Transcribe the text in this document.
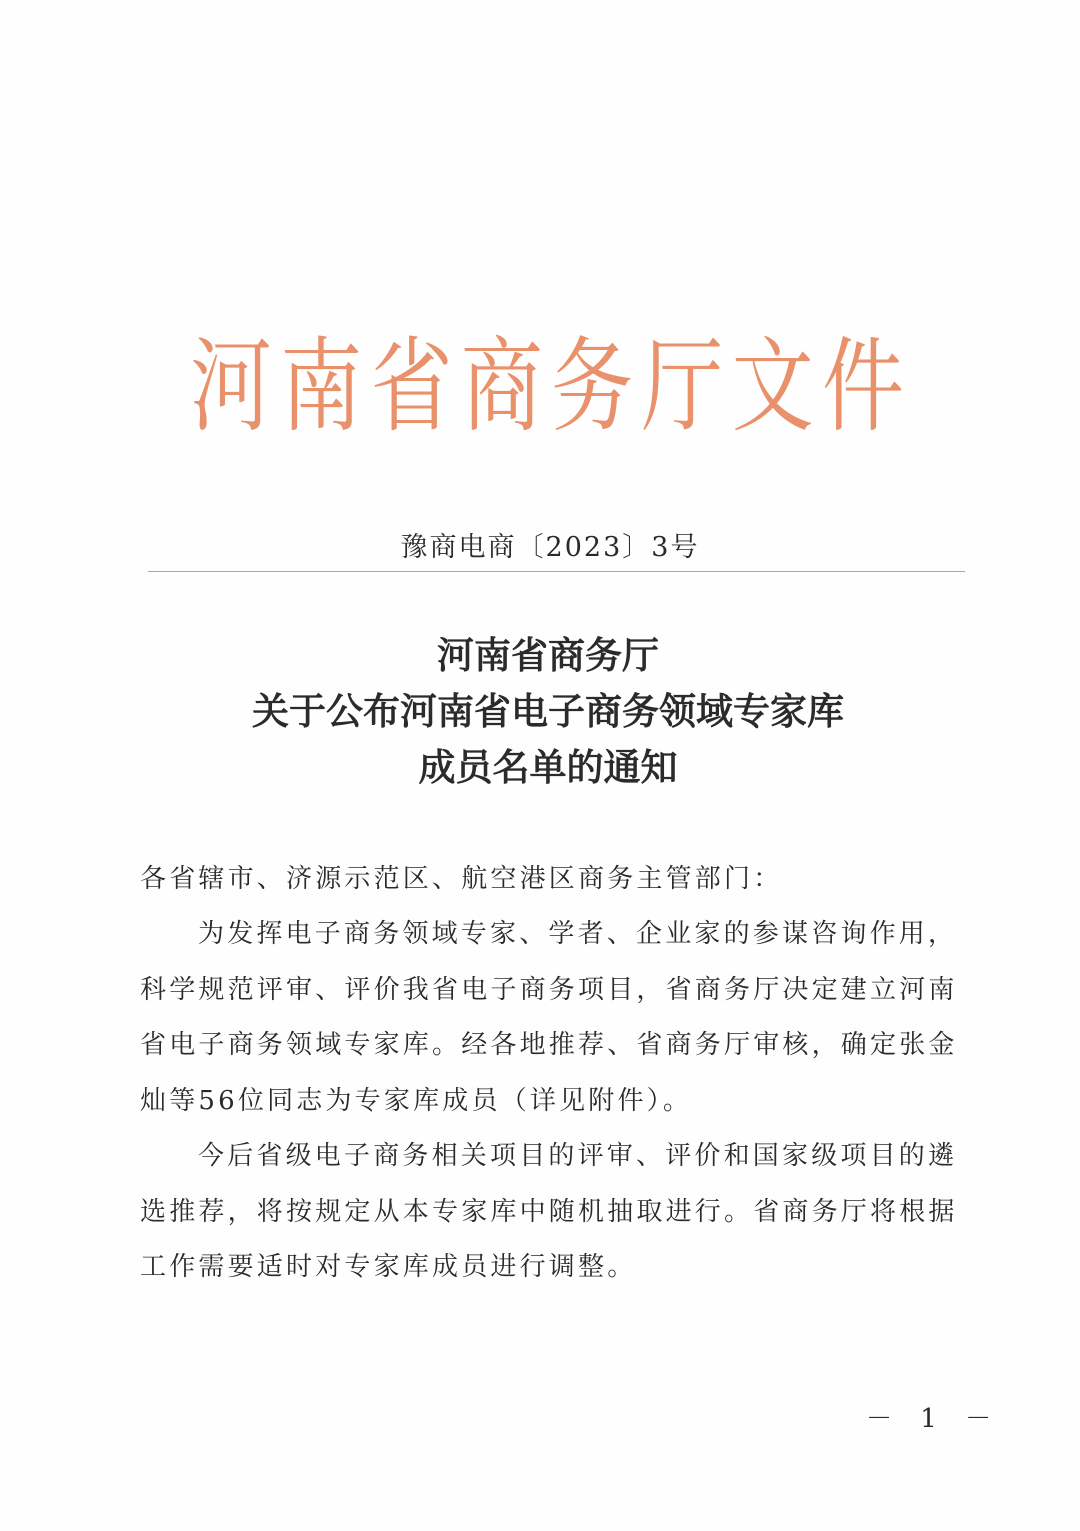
河 南 省 商 务 厅 文 件
豫商电商〔2023〕3号
河南省商务厅
关于公布河南省电子商务领域专家库
成员名单的通知
各省辖市、济源示范区、航空港区商务主管部门：
为发挥电子商务领域专家、学者、企业家的参谋咨询作用，
科学规范评审、评价我省电子商务项目，省商务厅决定建立河南
省电子商务领域专家库。经各地推荐、省商务厅审核，确定张金
灿等56位同志为专家库成员（详见附件）。
今后省级电子商务相关项目的评审、评价和国家级项目的遴
选推荐，将按规定从本专家库中随机抽取进行。省商务厅将根据
工作需要适时对专家库成员进行调整。
－ 1 －
